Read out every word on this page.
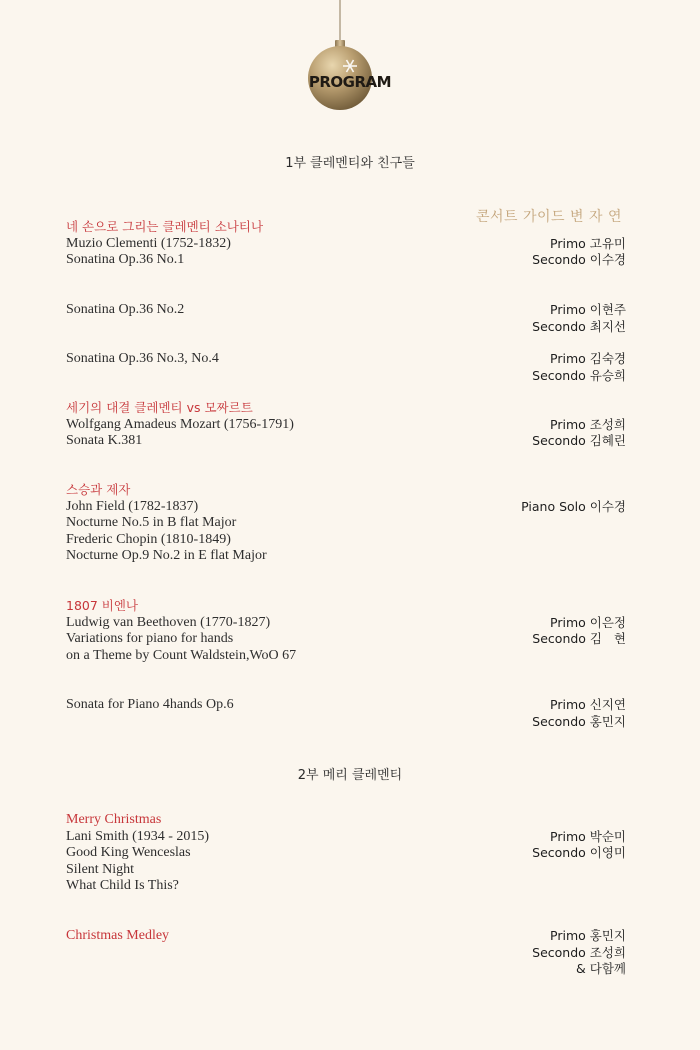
PROGRAM
1부 클레멘티와 친구들
콘서트 가이드 변 자 연
네 손으로 그리는 클레멘티 소나티나
Muzio Clementi (1752-1832)
Sonatina Op.36 No.1
Primo 고유미
Secondo 이수경
Sonatina Op.36 No.2	Primo 이현주
Secondo 최지선
Sonatina Op.36 No.3, No.4	Primo 김숙경
Secondo 유승희
세기의 대결 클레멘티 vs 모짜르트
Wolfgang Amadeus Mozart (1756-1791)
Sonata K.381
Primo 조성희
Secondo 김혜린
스승과 제자
John Field (1782-1837)
Nocturne No.5 in B flat Major
Frederic Chopin (1810-1849)
Nocturne Op.9 No.2 in E flat Major
Piano Solo 이수경
1807 비엔나
Ludwig van Beethoven (1770-1827)
Variations for piano for hands
on a Theme by Count Waldstein,WoO 67
Primo 이은정
Secondo 김   현
Sonata for Piano 4hands Op.6	Primo 신지연
Secondo 홍민지
2부 메리 클레멘티
Merry Christmas
Lani Smith (1934 - 2015)
Good King Wenceslas
Silent Night
What Child Is This?
Primo 박순미
Secondo 이영미
Christmas Medley	Primo 홍민지
Secondo 조성희
& 다함께
